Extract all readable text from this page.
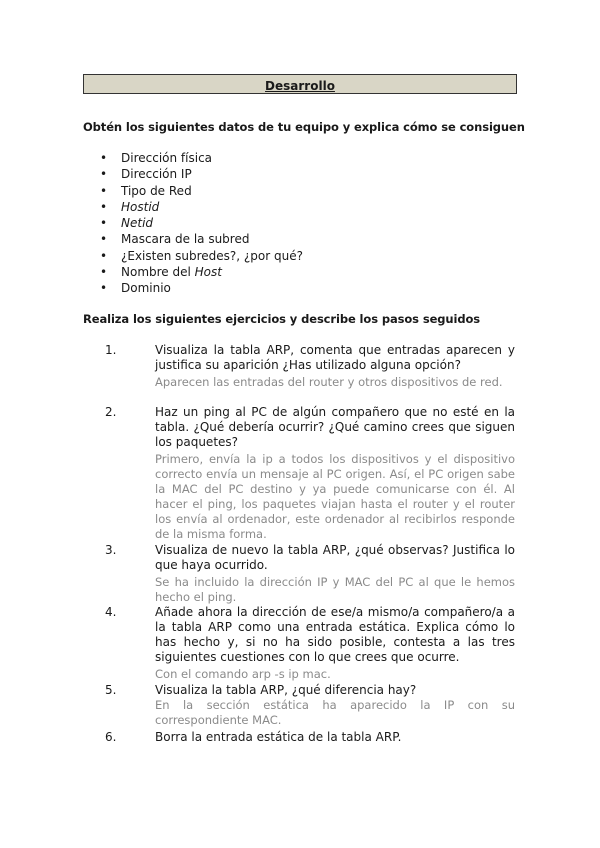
Desarrollo
Obtén los siguientes datos de tu equipo y explica cómo se consiguen
• Dirección física
• Dirección IP
• Tipo de Red
• Hostid
• Netid
• Mascara de la subred
• ¿Existen subredes?, ¿por qué?
• Nombre del Host
• Dominio
Realiza los siguientes ejercicios y describe los pasos seguidos
1.	Visualiza la tabla ARP, comenta que entradas aparecen y justifica su aparición ¿Has utilizado alguna opción?
Aparecen las entradas del router y otros dispositivos de red.
2.	Haz un ping al PC de algún compañero que no esté en la tabla. ¿Qué debería ocurrir? ¿Qué camino crees que siguen los paquetes?
Primero, envía la ip a todos los dispositivos y el dispositivo correcto envía un mensaje al PC origen. Así, el PC origen sabe la MAC del PC destino y ya puede comunicarse con él. Al hacer el ping, los paquetes viajan hasta el router y el router los envía al ordenador, este ordenador al recibirlos responde de la misma forma.
3.	Visualiza de nuevo la tabla ARP, ¿qué observas? Justifica lo que haya ocurrido.
Se ha incluido la dirección IP y MAC del PC al que le hemos hecho el ping.
4.	Añade ahora la dirección de ese/a mismo/a compañero/a a la tabla ARP como una entrada estática. Explica cómo lo has hecho y, si no ha sido posible, contesta a las tres siguientes cuestiones con lo que crees que ocurre.
Con el comando arp -s ip mac.
5.	Visualiza la tabla ARP, ¿qué diferencia hay?
En la sección estática ha aparecido la IP con su correspondiente MAC.
6.	Borra la entrada estática de la tabla ARP.
